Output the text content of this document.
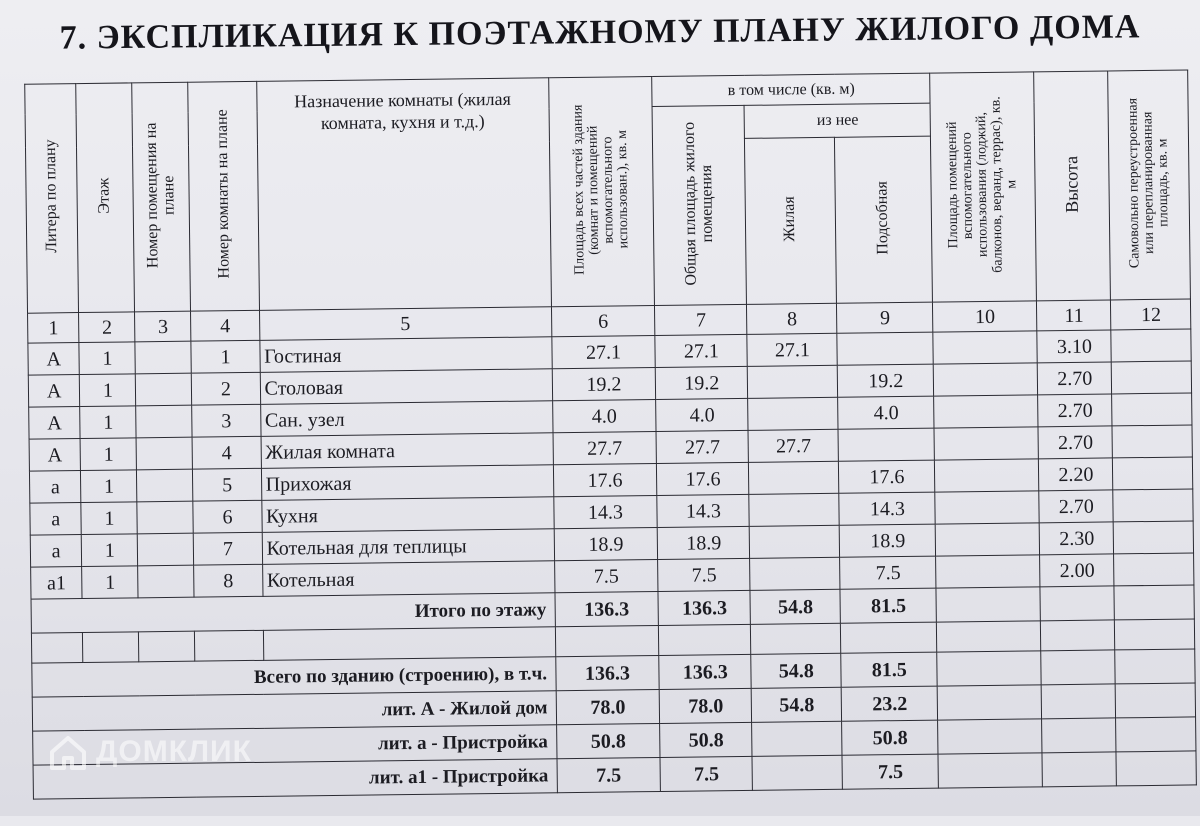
7. ЭКСПЛИКАЦИЯ К ПОЭТАЖНОМУ ПЛАНУ ЖИЛОГО ДОМА
Литера по плану	Этаж	Номер помещения на плане	Номер комнаты на плане	Назначение комнаты (жилая комната, кухня и т.д.)	Площадь всех частей здания (комнат и помещений вспомогательного использован.), кв. м	в том числе (кв. м)			Площадь помещений вспомогательного использования (лоджий, балконов, веранд, террас), кв. м	Высота	Самовольно переустроенная или перепланированная площадь, кв. м
						Общая площадь жилого помещения	из нее				
							Жилая	Подсобная			
1	2	3	4	5	6	7	8	9	10	11	12
А	1		1	Гостиная	27.1	27.1	27.1			3.10	
А	1		2	Столовая	19.2	19.2		19.2		2.70	
А	1		3	Сан. узел	4.0	4.0		4.0		2.70	
А	1		4	Жилая комната	27.7	27.7	27.7			2.70	
а	1		5	Прихожая	17.6	17.6		17.6		2.20	
а	1		6	Кухня	14.3	14.3		14.3		2.70	
а	1		7	Котельная для теплицы	18.9	18.9		18.9		2.30	
а1	1		8	Котельная	7.5	7.5		7.5		2.00	
Итого по этажу					136.3	136.3	54.8	81.5			

Всего по зданию (строению), в т.ч.					136.3	136.3	54.8	81.5			
лит. А - Жилой дом					78.0	78.0	54.8	23.2			
лит. а - Пристройка					50.8	50.8		50.8			
лит. а1 - Пристройка					7.5	7.5		7.5			
ДОМКЛИК
